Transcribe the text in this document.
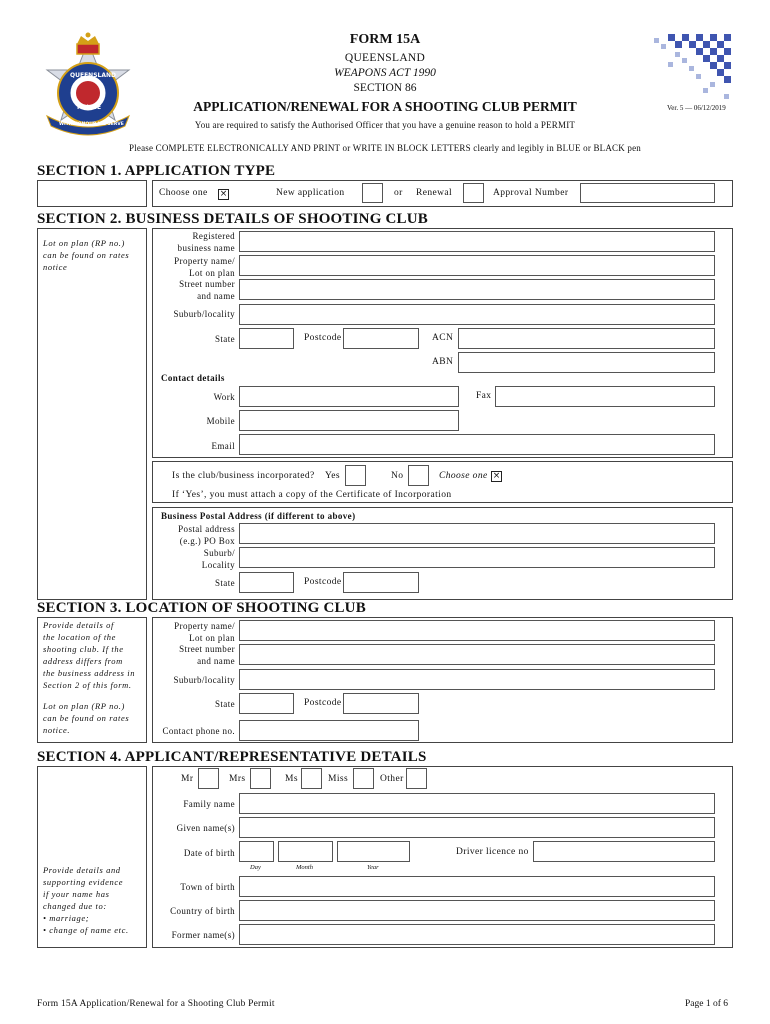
QUEENSLAND
POLICE
WITH HONOUR WE SERVE
FORM 15A
QUEENSLAND
WEAPONS ACT 1990
SECTION 86
APPLICATION/RENEWAL FOR A SHOOTING CLUB PERMIT	Ver. 5 — 06/12/2019
You are required to satisfy the Authorised Officer that you have a genuine reason to hold a PERMIT
Please COMPLETE ELECTRONICALLY AND PRINT or WRITE IN BLOCK LETTERS clearly and legibly in BLUE or BLACK pen
SECTION 1. APPLICATION TYPE
Choose one ×	New application	or Renewal	Approval Number
SECTION 2. BUSINESS DETAILS OF SHOOTING CLUB
Lot on plan (RP no.)
can be found on rates
notice
Registered
business name
Property name/
Lot on plan
Street number
and name
Suburb/locality
State	Postcode	ACN
ABN
Contact details
Work	Fax
Mobile
Email
Is the club/business incorporated? Yes	No	Choose one ×
If ‘Yes’, you must attach a copy of the Certificate of Incorporation
Business Postal Address (if different to above)
Postal address
(e.g.) PO Box
Suburb/
Locality
State	Postcode
SECTION 3. LOCATION OF SHOOTING CLUB
Provide details of
the location of the
shooting club. If the
address differs from
the business address in
Section 2 of this form.
Lot on plan (RP no.)
can be found on rates
notice.
Property name/
Lot on plan
Street number
and name
Suburb/locality
State	Postcode
Contact phone no.
SECTION 4. APPLICANT/REPRESENTATIVE DETAILS
Provide details and
supporting evidence
if your name has
changed due to:
• marriage;
• change of name etc.
Mr	Mrs	Ms	Miss	Other
Family name
Given name(s)
Date of birth
Day	Month	Year
Driver licence no
Town of birth
Country of birth
Former name(s)
Form 15A Application/Renewal for a Shooting Club Permit	Page 1 of 6
